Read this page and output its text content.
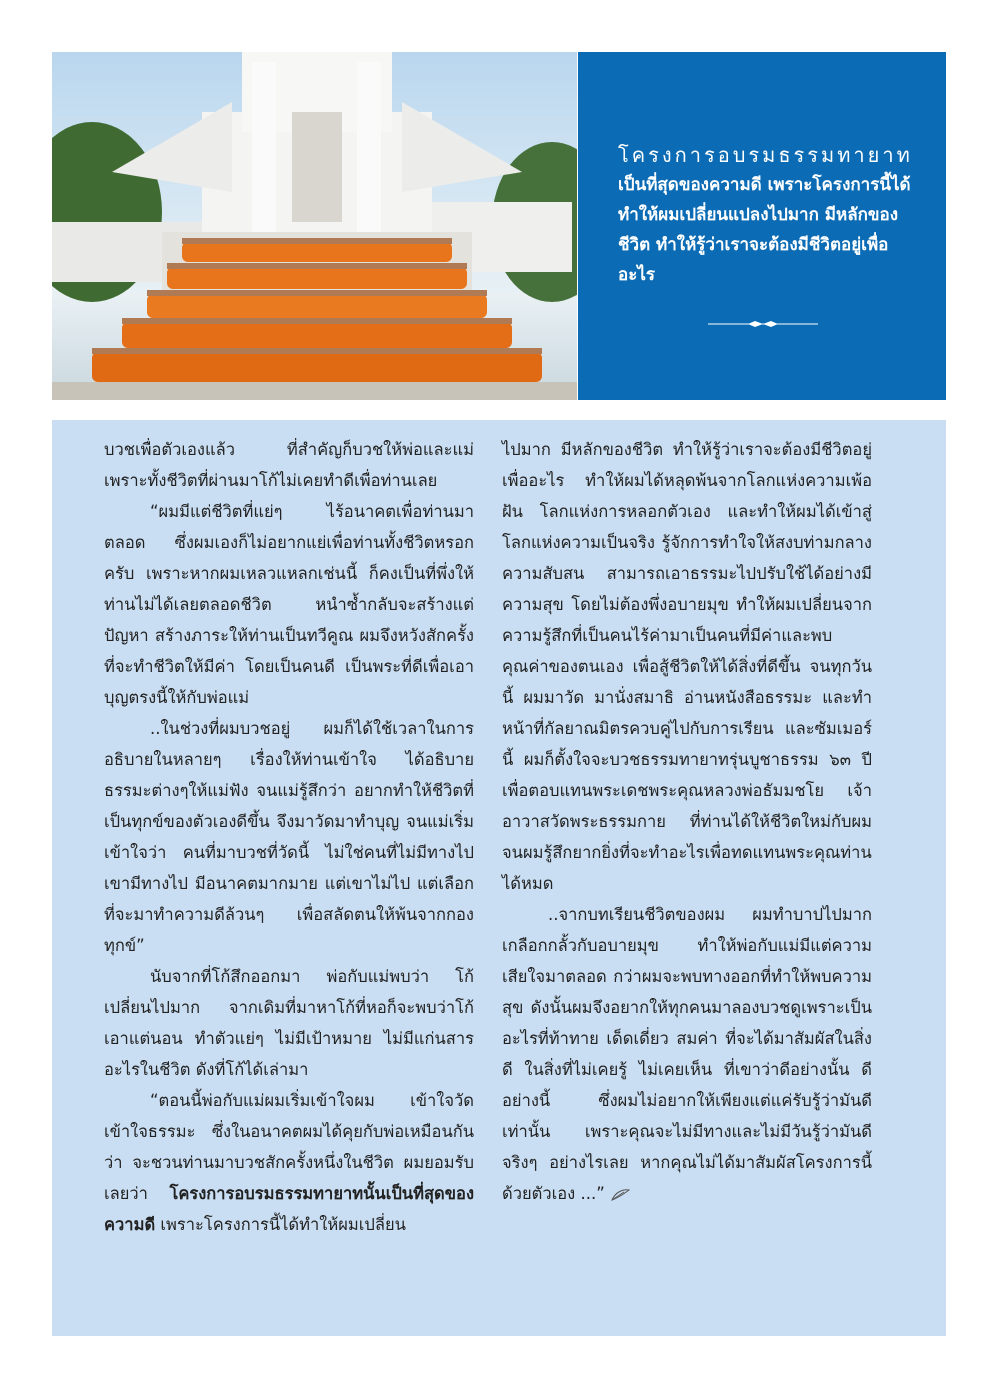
โครงการอบรมธรรมทายาท

เป็นที่สุดของความดี เพราะโครงการนี้ได้ทำให้ผมเปลี่ยนแปลงไปมาก มีหลักของชีวิต ทำให้รู้ว่าเราจะต้องมีชีวิตอยู่เพื่ออะไร

บวชเพื่อตัวเองแล้ว ที่สำคัญก็บวชให้พ่อและแม่ เพราะทั้งชีวิตที่ผ่านมาโก้ไม่เคยทำดีเพื่อท่านเลย

“ผมมีแต่ชีวิตที่แย่ๆ ไร้อนาคตเพื่อท่านมาตลอด ซึ่งผมเองก็ไม่อยากแย่เพื่อท่านทั้งชีวิตหรอกครับ เพราะหากผมเหลวแหลกเช่นนี้ ก็คงเป็นที่พึ่งให้ท่านไม่ได้เลยตลอดชีวิต หนำซ้ำกลับจะสร้างแต่ปัญหา สร้างภาระให้ท่านเป็นทวีคูณ ผมจึงหวังสักครั้งที่จะทำชีวิตให้มีค่า โดยเป็นคนดี เป็นพระที่ดีเพื่อเอาบุญตรงนี้ให้กับพ่อแม่

..ในช่วงที่ผมบวชอยู่ ผมก็ได้ใช้เวลาในการอธิบายในหลายๆ เรื่องให้ท่านเข้าใจ ได้อธิบายธรรมะต่างๆให้แม่ฟัง จนแม่รู้สึกว่า อยากทำให้ชีวิตที่เป็นทุกข์ของตัวเองดีขึ้น จึงมาวัดมาทำบุญ จนแม่เริ่มเข้าใจว่า คนที่มาบวชที่วัดนี้ ไม่ใช่คนที่ไม่มีทางไป เขามีทางไป มีอนาคตมากมาย แต่เขาไม่ไป แต่เลือกที่จะมาทำความดีล้วนๆ เพื่อสลัดตนให้พ้นจากกองทุกข์”

นับจากที่โก้สึกออกมา พ่อกับแม่พบว่า โก้เปลี่ยนไปมาก จากเดิมที่มาหาโก้ที่หอก็จะพบว่าโก้เอาแต่นอน ทำตัวแย่ๆ ไม่มีเป้าหมาย ไม่มีแก่นสารอะไรในชีวิต ดังที่โก้ได้เล่ามา

“ตอนนี้พ่อกับแม่ผมเริ่มเข้าใจผม เข้าใจวัด เข้าใจธรรมะ ซึ่งในอนาคตผมได้คุยกับพ่อเหมือนกันว่า จะชวนท่านมาบวชสักครั้งหนึ่งในชีวิต ผมยอมรับเลยว่า โครงการอบรมธรรมทายาทนั้นเป็นที่สุดของความดี เพราะโครงการนี้ได้ทำให้ผมเปลี่ยน

ไปมาก มีหลักของชีวิต ทำให้รู้ว่าเราจะต้องมีชีวิตอยู่เพื่ออะไร ทำให้ผมได้หลุดพ้นจากโลกแห่งความเพ้อฝัน โลกแห่งการหลอกตัวเอง และทำให้ผมได้เข้าสู่โลกแห่งความเป็นจริง รู้จักการทำใจให้สงบท่ามกลางความสับสน สามารถเอาธรรมะไปปรับใช้ได้อย่างมีความสุข โดยไม่ต้องพึ่งอบายมุข ทำให้ผมเปลี่ยนจากความรู้สึกที่เป็นคนไร้ค่ามาเป็นคนที่มีค่าและพบคุณค่าของตนเอง เพื่อสู้ชีวิตให้ได้สิ่งที่ดีขึ้น จนทุกวันนี้ ผมมาวัด มานั่งสมาธิ อ่านหนังสือธรรมะ และทำหน้าที่กัลยาณมิตรควบคู่ไปกับการเรียน และซัมเมอร์นี้ ผมก็ตั้งใจจะบวชธรรมทายาทรุ่นบูชาธรรม ๖๓ ปี เพื่อตอบแทนพระเดชพระคุณหลวงพ่อธัมมชโย เจ้าอาวาสวัดพระธรรมกาย ที่ท่านได้ให้ชีวิตใหม่กับผม จนผมรู้สึกยากยิ่งที่จะทำอะไรเพื่อทดแทนพระคุณท่านได้หมด

..จากบทเรียนชีวิตของผม ผมทำบาปไปมากเกลือกกลั้วกับอบายมุข ทำให้พ่อกับแม่มีแต่ความเสียใจมาตลอด กว่าผมจะพบทางออกที่ทำให้พบความสุข ดังนั้นผมจึงอยากให้ทุกคนมาลองบวชดูเพราะเป็นอะไรที่ท้าทาย เด็ดเดี่ยว สมค่า ที่จะได้มาสัมผัสในสิ่งดี ในสิ่งที่ไม่เคยรู้ ไม่เคยเห็น ที่เขาว่าดีอย่างนั้น ดีอย่างนี้ ซึ่งผมไม่อยากให้เพียงแต่แค่รับรู้ว่ามันดีเท่านั้น เพราะคุณจะไม่มีทางและไม่มีวันรู้ว่ามันดีจริงๆ อย่างไรเลย หากคุณไม่ได้มาสัมผัสโครงการนี้ด้วยตัวเอง ...”
